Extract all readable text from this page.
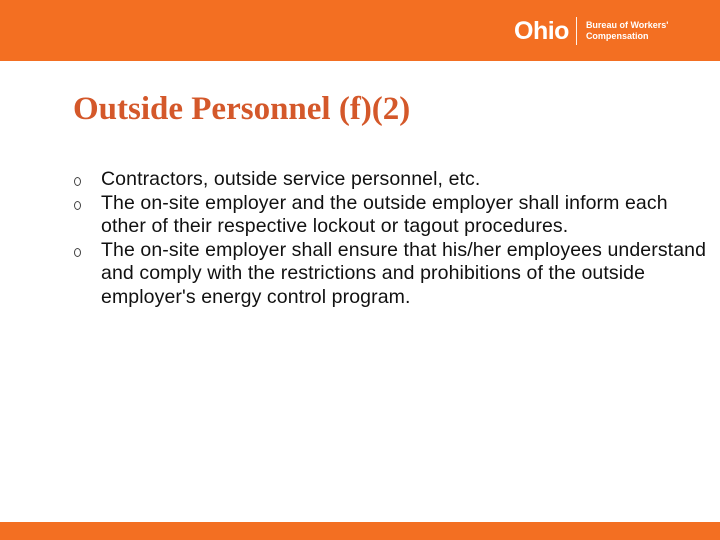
Ohio Bureau of Workers'
Compensation
Outside Personnel (f)(2)
Contractors, outside service personnel, etc.
The on-site employer and the outside employer shall inform each other of their respective lockout or tagout procedures.
The on-site employer shall ensure that his/her employees understand and comply with the restrictions and prohibitions of the outside employer's energy control program.
